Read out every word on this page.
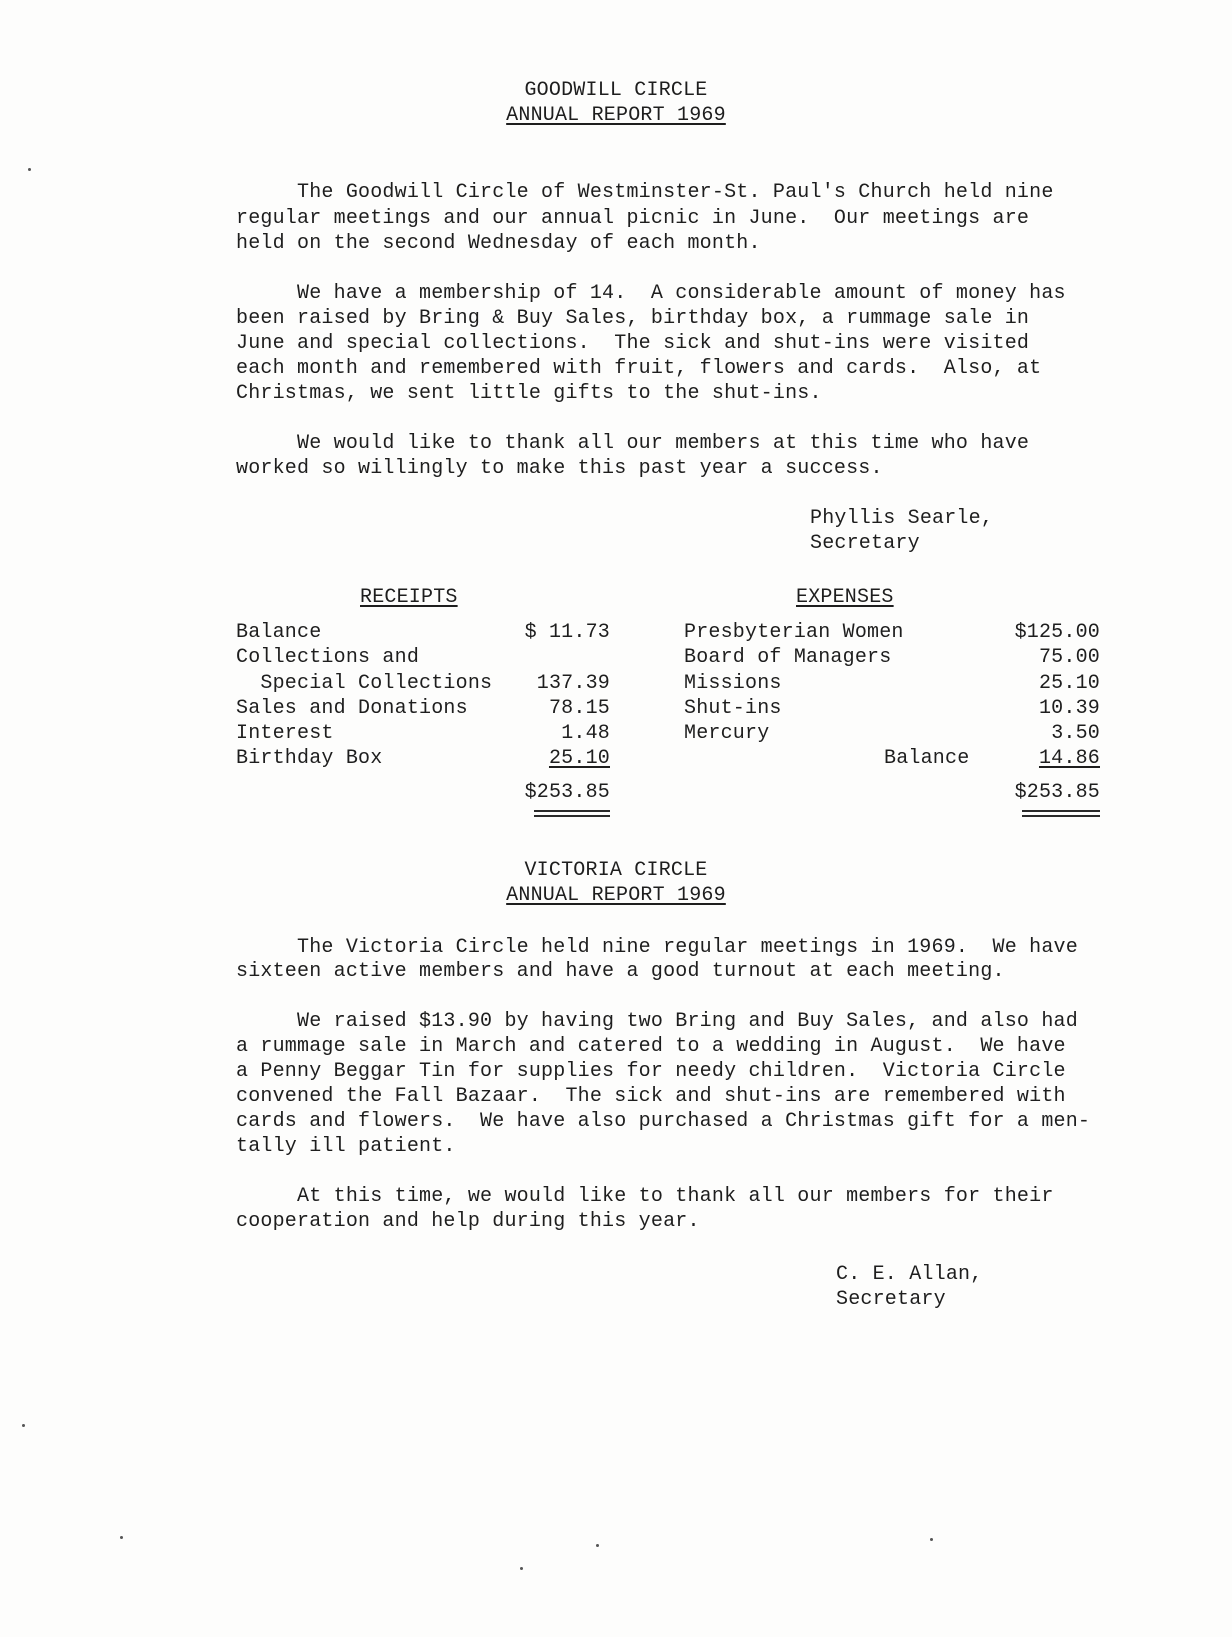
GOODWILL CIRCLE
ANNUAL REPORT 1969
The Goodwill Circle of Westminster-St. Paul's Church held nine
regular meetings and our annual picnic in June.  Our meetings are
held on the second Wednesday of each month.
We have a membership of 14.  A considerable amount of money has
been raised by Bring & Buy Sales, birthday box, a rummage sale in
June and special collections.  The sick and shut-ins were visited
each month and remembered with fruit, flowers and cards.  Also, at
Christmas, we sent little gifts to the shut-ins.
We would like to thank all our members at this time who have
worked so willingly to make this past year a success.
Phyllis Searle,
Secretary
RECEIPTS
Balance	$ 11.73
Collections and
Special Collections	137.39
Sales and Donations	78.15
Interest	1.48
Birthday Box	25.10
$253.85
EXPENSES
Presbyterian Women	$125.00
Board of Managers	75.00
Missions	25.10
Shut-ins	10.39
Mercury	3.50
Balance	14.86
$253.85
VICTORIA CIRCLE
ANNUAL REPORT 1969
The Victoria Circle held nine regular meetings in 1969.  We have
sixteen active members and have a good turnout at each meeting.
We raised $13.90 by having two Bring and Buy Sales, and also had
a rummage sale in March and catered to a wedding in August.  We have
a Penny Beggar Tin for supplies for needy children.  Victoria Circle
convened the Fall Bazaar.  The sick and shut-ins are remembered with
cards and flowers.  We have also purchased a Christmas gift for a men-
tally ill patient.
At this time, we would like to thank all our members for their
cooperation and help during this year.
C. E. Allan,
Secretary
